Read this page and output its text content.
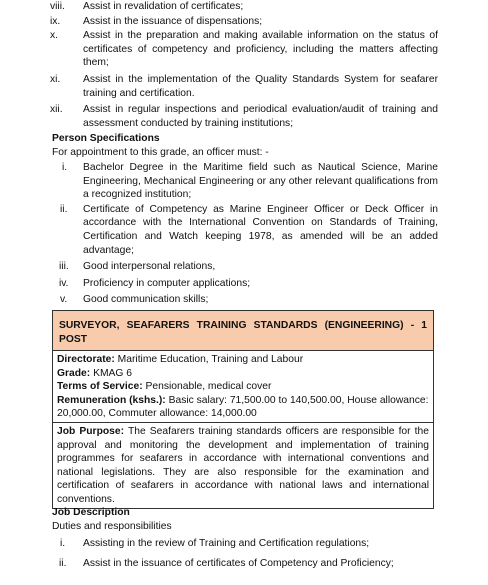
viii.	Assist in revalidation of certificates;
ix.	Assist in the issuance of dispensations;
x.	Assist in the preparation and making available information on the status of certificates of competency and proficiency, including the matters affecting them;
xi.	Assist in the implementation of the Quality Standards System for seafarer training and certification.
xii.	Assist in regular inspections and periodical evaluation/audit of training and assessment conducted by training institutions;
Person Specifications
For appointment to this grade, an officer must: -
i.	Bachelor Degree in the Maritime field such as Nautical Science, Marine Engineering, Mechanical Engineering or any other relevant qualifications from a recognized institution;
ii.	Certificate of Competency as Marine Engineer Officer or Deck Officer in accordance with the International Convention on Standards of Training, Certification and Watch keeping 1978, as amended will be an added advantage;
iii.	Good interpersonal relations,
iv.	Proficiency in computer applications;
v.	Good communication skills;
SURVEYOR, SEAFARERS TRAINING STANDARDS (ENGINEERING) - 1 POST
Directorate: Maritime Education, Training and Labour
Grade: KMAG 6
Terms of Service: Pensionable, medical cover
Remuneration (kshs.): Basic salary: 71,500.00 to 140,500.00, House allowance:
20,000.00, Commuter allowance: 14,000.00
Job Purpose: The Seafarers training standards officers are responsible for the approval and monitoring the development and implementation of training programmes for seafarers in accordance with international conventions and national legislations. They are also responsible for the examination and certification of seafarers in accordance with national laws and international conventions.
Job Description
Duties and responsibilities
i.	Assisting in the review of Training and Certification regulations;
ii.	Assist in the issuance of certificates of Competency and Proficiency;
